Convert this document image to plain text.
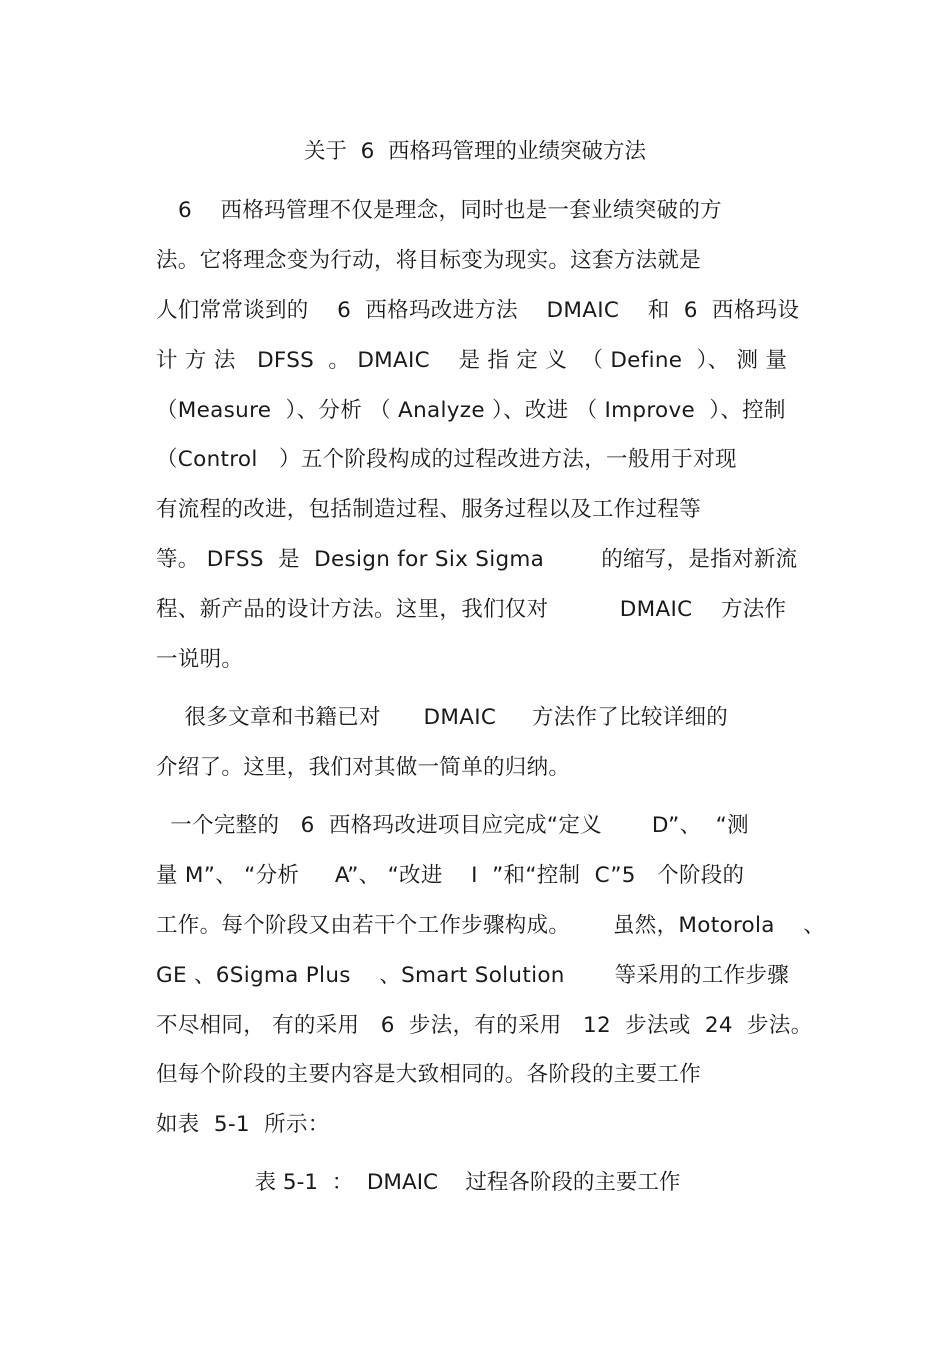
关于  6  西格玛管理的业绩突破方法
6    西格玛管理不仅是理念，同时也是一套业绩突破的方
法。它将理念变为行动，将目标变为现实。这套方法就是
人们常常谈到的    6  西格玛改进方法    DMAIC    和  6  西格玛设
计 方 法   DFSS  。 DMAIC    是 指 定 义  （ Define  ）、 测 量
（Measure  ）、分析 （ Analyze ）、改进 （ Improve  ）、控制
（Control   ）五个阶段构成的过程改进方法，一般用于对现
有流程的改进，包括制造过程、服务过程以及工作过程等
等。 DFSS  是  Design for Six Sigma        的缩写，是指对新流
程、新产品的设计方法。这里，我们仅对          DMAIC    方法作
一说明。
很多文章和书籍已对      DMAIC     方法作了比较详细的
介绍了。这里，我们对其做一简单的归纳。
一个完整的   6  西格玛改进项目应完成“定义       D”、  “测
量 M”、 “分析     A”、 “改进    I  ”和“控制  C”5   个阶段的
工作。每个阶段又由若干个工作步骤构成。      虽然，Motorola    、
GE 、6Sigma Plus    、Smart Solution       等采用的工作步骤
不尽相同， 有的采用   6  步法，有的采用   12  步法或  24  步法。
但每个阶段的主要内容是大致相同的。各阶段的主要工作
如表  5-1  所示：
表 5-1  ：  DMAIC    过程各阶段的主要工作
